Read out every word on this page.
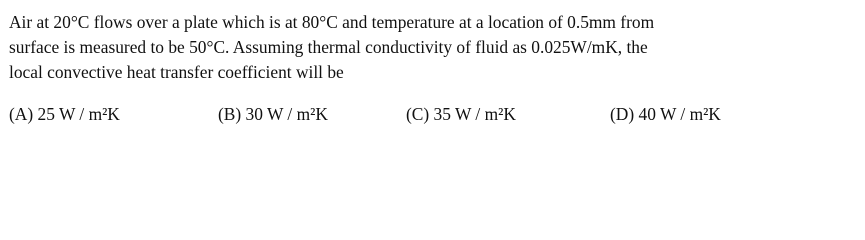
Air at 20°C flows over a plate which is at 80°C and temperature at a location of 0.5mm from
surface is measured to be 50°C. Assuming thermal conductivity of fluid as 0.025W/mK, the
local convective heat transfer coefficient will be
(A) 25 W / m²K	(B) 30 W / m²K	(C) 35 W / m²K	(D) 40 W / m²K
